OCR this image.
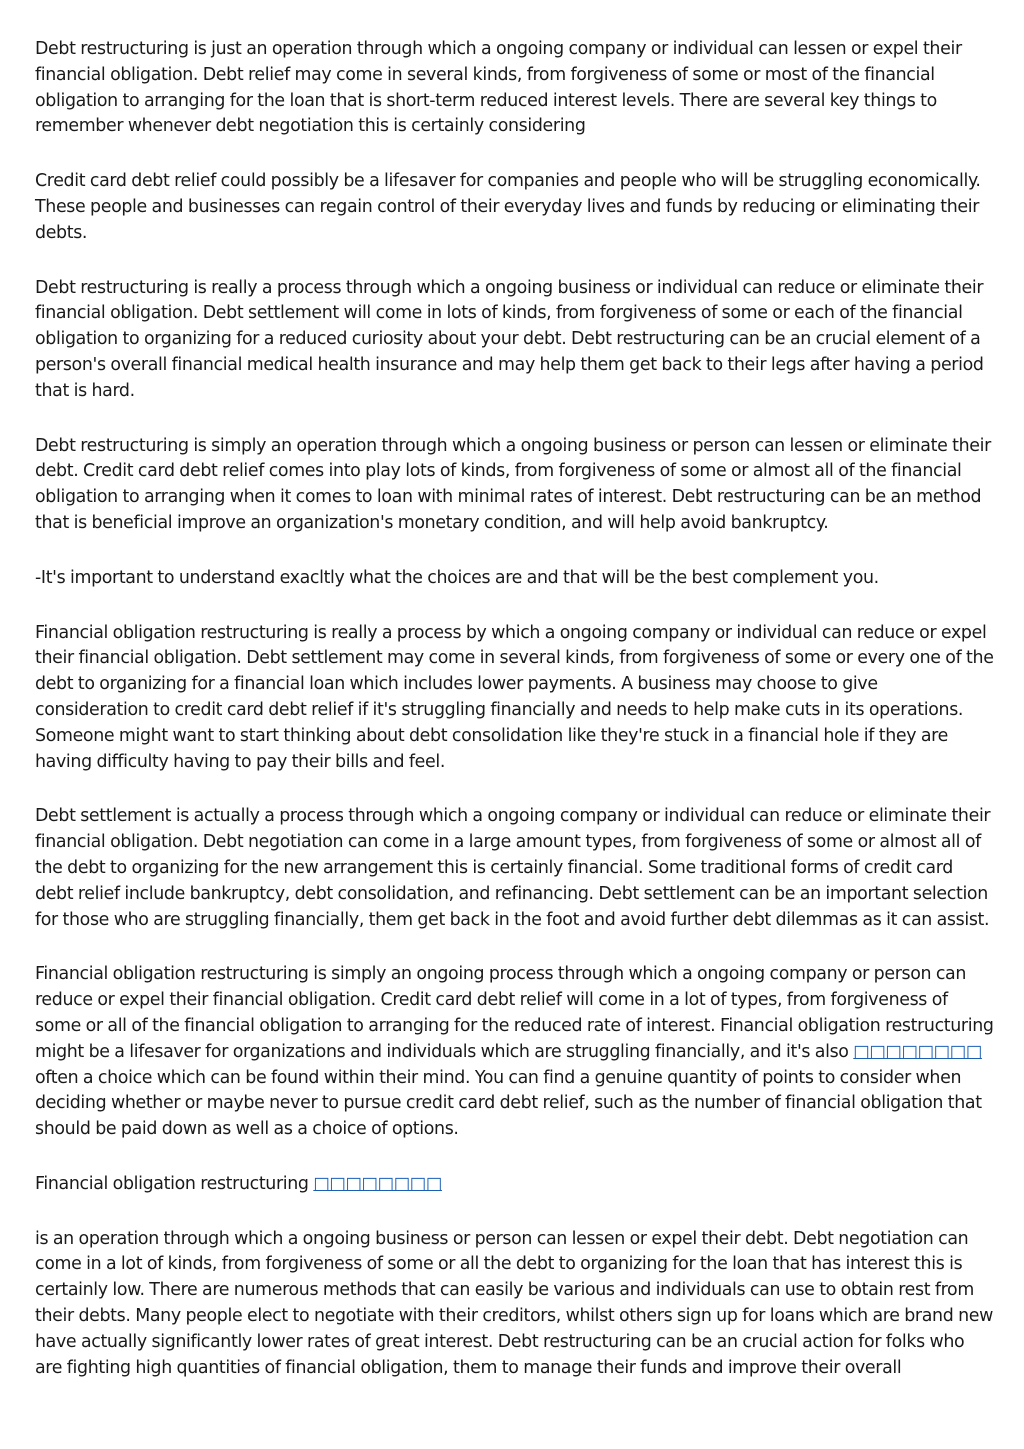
Debt restructuring is just an operation through which a ongoing company or individual can lessen or expel their financial obligation. Debt relief may come in several kinds, from forgiveness of some or most of the financial obligation to arranging for the loan that is short-term reduced interest levels. There are several key things to remember whenever debt negotiation this is certainly considering

Credit card debt relief could possibly be a lifesaver for companies and people who will be struggling economically. These people and businesses can regain control of their everyday lives and funds by reducing or eliminating their debts.

Debt restructuring is really a process through which a ongoing business or individual can reduce or eliminate their financial obligation. Debt settlement will come in lots of kinds, from forgiveness of some or each of the financial obligation to organizing for a reduced curiosity about your debt. Debt restructuring can be an crucial element of a person's overall financial medical health insurance and may help them get back to their legs after having a period that is hard.

Debt restructuring is simply an operation through which a ongoing business or person can lessen or eliminate their debt. Credit card debt relief comes into play lots of kinds, from forgiveness of some or almost all of the financial obligation to arranging when it comes to loan with minimal rates of interest. Debt restructuring can be an method that is beneficial improve an organization's monetary condition, and will help avoid bankruptcy.

-It's important to understand exacltly what the choices are and that will be the best complement you.

Financial obligation restructuring is really a process by which a ongoing company or individual can reduce or expel their financial obligation. Debt settlement may come in several kinds, from forgiveness of some or every one of the debt to organizing for a financial loan which includes lower payments. A business may choose to give consideration to credit card debt relief if it's struggling financially and needs to help make cuts in its operations. Someone might want to start thinking about debt consolidation like they're stuck in a financial hole if they are having difficulty having to pay their bills and feel.

Debt settlement is actually a process through which a ongoing company or individual can reduce or eliminate their financial obligation. Debt negotiation can come in a large amount types, from forgiveness of some or almost all of the debt to organizing for the new arrangement this is certainly financial. Some traditional forms of credit card debt relief include bankruptcy, debt consolidation, and refinancing. Debt settlement can be an important selection for those who are struggling financially, them get back in the foot and avoid further debt dilemmas as it can assist.

Financial obligation restructuring is simply an ongoing process through which a ongoing company or person can reduce or expel their financial obligation. Credit card debt relief will come in a lot of types, from forgiveness of some or all of the financial obligation to arranging for the reduced rate of interest. Financial obligation restructuring might be a lifesaver for organizations and individuals which are struggling financially, and it's also □□□□□□□□ often a choice which can be found within their mind. You can find a genuine quantity of points to consider when deciding whether or maybe never to pursue credit card debt relief, such as the number of financial obligation that should be paid down as well as a choice of options.

Financial obligation restructuring □□□□□□□□

is an operation through which a ongoing business or person can lessen or expel their debt. Debt negotiation can come in a lot of kinds, from forgiveness of some or all the debt to organizing for the loan that has interest this is certainly low. There are numerous methods that can easily be various and individuals can use to obtain rest from their debts. Many people elect to negotiate with their creditors, whilst others sign up for loans which are brand new have actually significantly lower rates of great interest. Debt restructuring can be an crucial action for folks who are fighting high quantities of financial obligation, them to manage their funds and improve their overall
